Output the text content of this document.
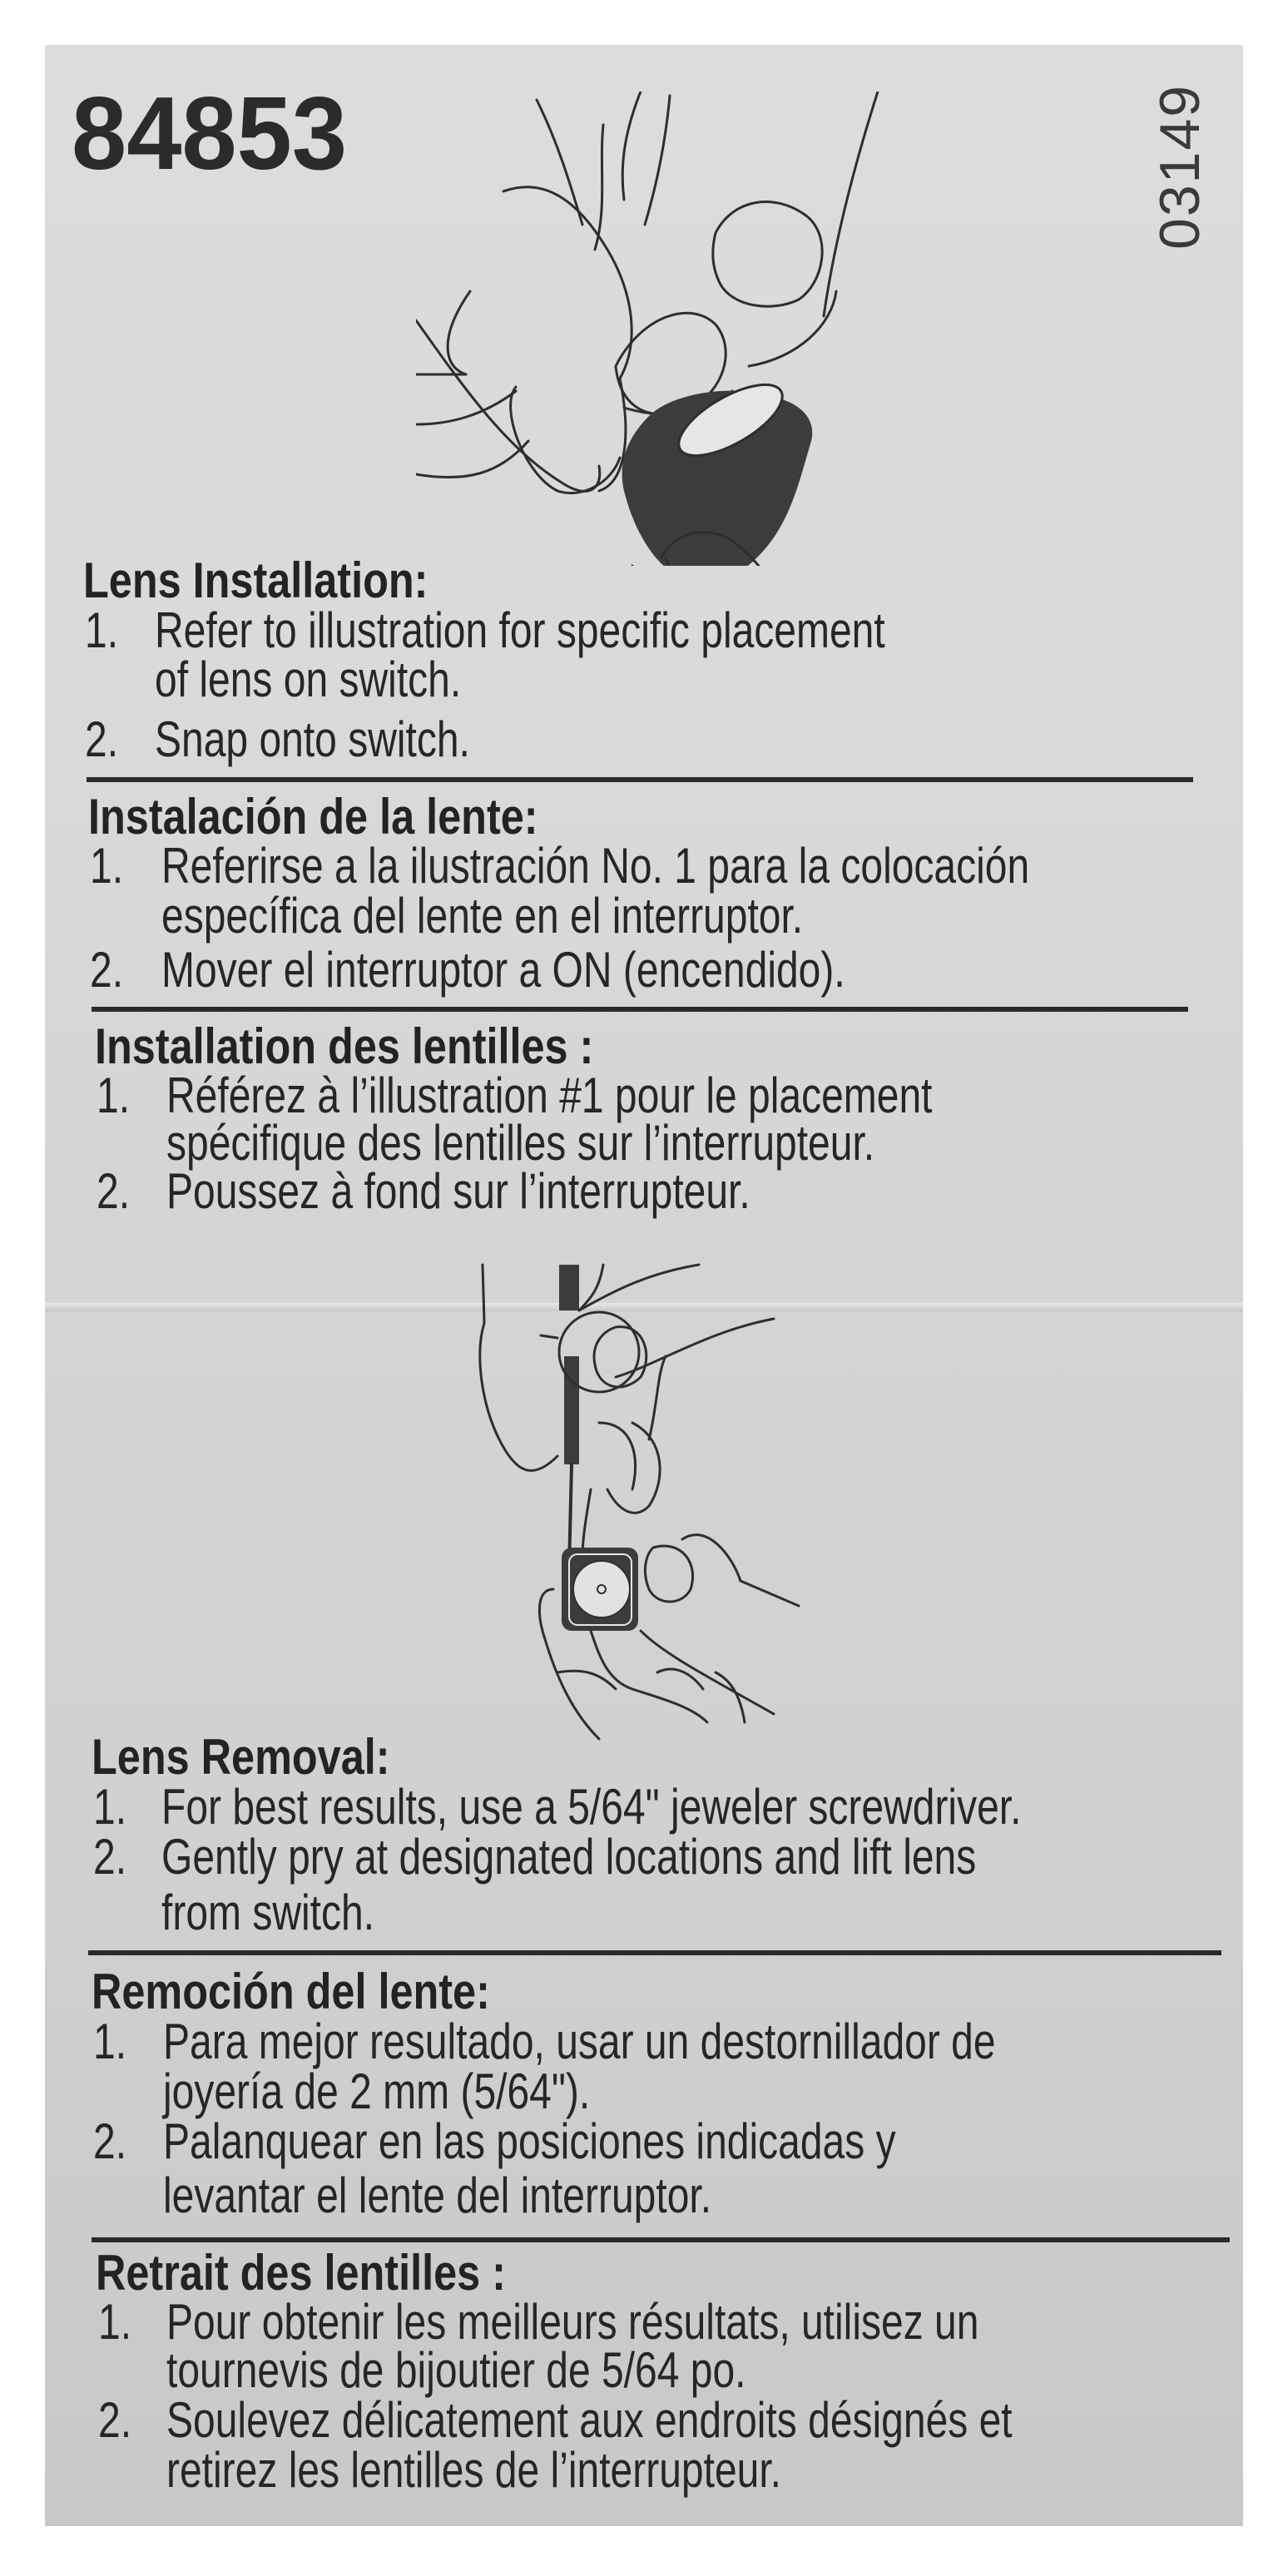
84853	03149
Lens Installation:
1. Refer to illustration for specific placement
of lens on switch.
2. Snap onto switch.
Instalación de la lente:
1. Referirse a la ilustración No. 1 para la colocación
específica del lente en el interruptor.
2. Mover el interruptor a ON (encendido).
Installation des lentilles :
1. Référez à l’illustration #1 pour le placement
spécifique des lentilles sur l’interrupteur.
2. Poussez à fond sur l’interrupteur.
Lens Removal:
1. For best results, use a 5/64" jeweler screwdriver.
2. Gently pry at designated locations and lift lens
from switch.
Remoción del lente:
1. Para mejor resultado, usar un destornillador de
joyería de 2 mm (5/64").
2. Palanquear en las posiciones indicadas y
levantar el lente del interruptor.
Retrait des lentilles :
1. Pour obtenir les meilleurs résultats, utilisez un
tournevis de bijoutier de 5/64 po.
2. Soulevez délicatement aux endroits désignés et
retirez les lentilles de l’interrupteur.
